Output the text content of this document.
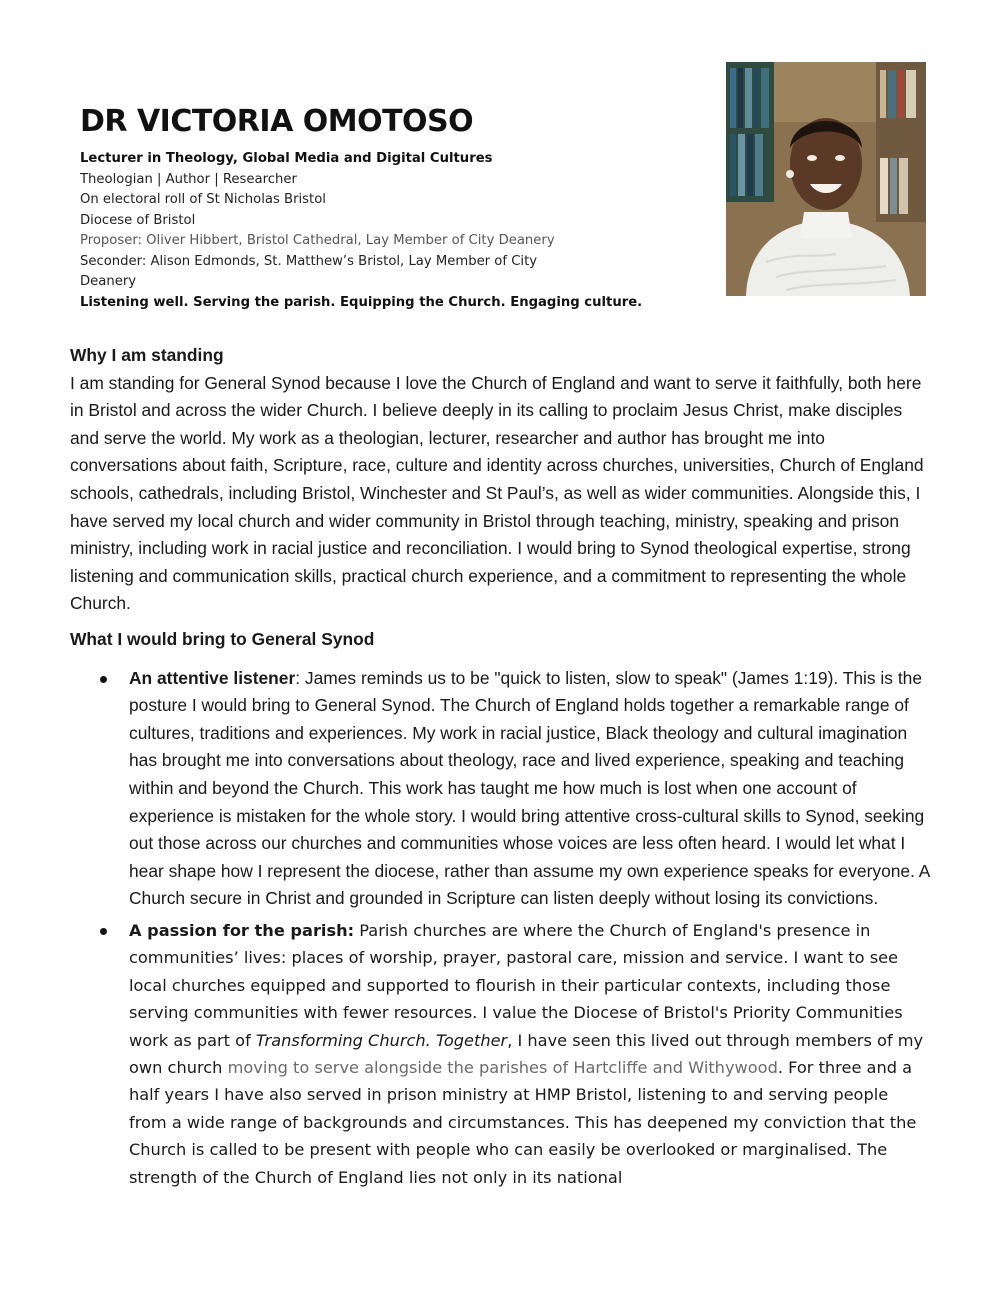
DR VICTORIA OMOTOSO
Lecturer in Theology, Global Media and Digital Cultures
Theologian | Author | Researcher
On electoral roll of St Nicholas Bristol
Diocese of Bristol
Proposer: Oliver Hibbert, Bristol Cathedral, Lay Member of City Deanery
Seconder: Alison Edmonds, St. Matthew’s Bristol, Lay Member of City Deanery
Listening well. Serving the parish. Equipping the Church. Engaging culture.

Why I am standing

I am standing for General Synod because I love the Church of England and want to serve it faithfully, both here in Bristol and across the wider Church. I believe deeply in its calling to proclaim Jesus Christ, make disciples and serve the world. My work as a theologian, lecturer, researcher and author has brought me into conversations about faith, Scripture, race, culture and identity across churches, universities, Church of England schools, cathedrals, including Bristol, Winchester and St Paul’s, as well as wider communities. Alongside this, I have served my local church and wider community in Bristol through teaching, ministry, speaking and prison ministry, including work in racial justice and reconciliation. I would bring to Synod theological expertise, strong listening and communication skills, practical church experience, and a commitment to representing the whole Church.

What I would bring to General Synod

An attentive listener: James reminds us to be "quick to listen, slow to speak" (James 1:19). This is the posture I would bring to General Synod. The Church of England holds together a remarkable range of cultures, traditions and experiences. My work in racial justice, Black theology and cultural imagination has brought me into conversations about theology, race and lived experience, speaking and teaching within and beyond the Church. This work has taught me how much is lost when one account of experience is mistaken for the whole story. I would bring attentive cross-cultural skills to Synod, seeking out those across our churches and communities whose voices are less often heard. I would let what I hear shape how I represent the diocese, rather than assume my own experience speaks for everyone. A Church secure in Christ and grounded in Scripture can listen deeply without losing its convictions.
A passion for the parish: Parish churches are where the Church of England's presence in communities’ lives: places of worship, prayer, pastoral care, mission and service. I want to see local churches equipped and supported to flourish in their particular contexts, including those serving communities with fewer resources. I value the Diocese of Bristol's Priority Communities work as part of Transforming Church. Together, I have seen this lived out through members of my own church moving to serve alongside the parishes of Hartcliffe and Withywood. For three and a half years I have also served in prison ministry at HMP Bristol, listening to and serving people from a wide range of backgrounds and circumstances. This has deepened my conviction that the Church is called to be present with people who can easily be overlooked or marginalised. The strength of the Church of England lies not only in its national
